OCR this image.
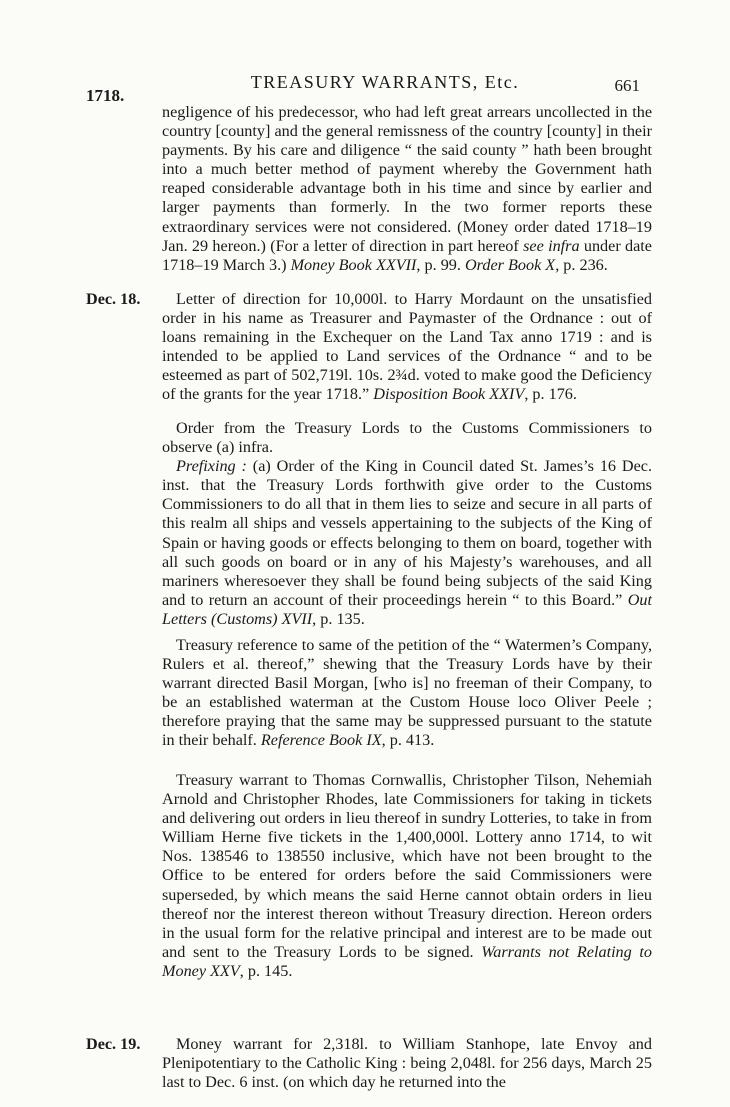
1718.
TREASURY WARRANTS, Etc.	661

negligence of his predecessor, who had left great arrears uncollected in the country [county] and the general remissness of the country [county] in their payments. By his care and diligence “ the said county ” hath been brought into a much better method of payment whereby the Government hath reaped considerable advantage both in his time and since by earlier and larger payments than formerly. In the two former reports these extraordinary services were not considered. (Money order dated 1718–19 Jan. 29 hereon.) (For a letter of direction in part hereof see infra under date 1718–19 March 3.) Money Book XXVII, p. 99. Order Book X, p. 236.

Dec. 18.	Letter of direction for 10,000l. to Harry Mordaunt on the unsatisfied order in his name as Treasurer and Paymaster of the Ordnance : out of loans remaining in the Exchequer on the Land Tax anno 1719 : and is intended to be applied to Land services of the Ordnance “ and to be esteemed as part of 502,719l. 10s. 2¾d. voted to make good the Deficiency of the grants for the year 1718.” Disposition Book XXIV, p. 176.

Order from the Treasury Lords to the Customs Commissioners to observe (a) infra.

Prefixing : (a) Order of the King in Council dated St. James’s 16 Dec. inst. that the Treasury Lords forthwith give order to the Customs Commissioners to do all that in them lies to seize and secure in all parts of this realm all ships and vessels appertaining to the subjects of the King of Spain or having goods or effects belonging to them on board, together with all such goods on board or in any of his Majesty’s warehouses, and all mariners wheresoever they shall be found being subjects of the said King and to return an account of their proceedings herein “ to this Board.” Out Letters (Customs) XVII, p. 135.

Treasury reference to same of the petition of the “ Watermen’s Company, Rulers et al. thereof,” shewing that the Treasury Lords have by their warrant directed Basil Morgan, [who is] no freeman of their Company, to be an established waterman at the Custom House loco Oliver Peele ; therefore praying that the same may be suppressed pursuant to the statute in their behalf. Reference Book IX, p. 413.

Treasury warrant to Thomas Cornwallis, Christopher Tilson, Nehemiah Arnold and Christopher Rhodes, late Commissioners for taking in tickets and delivering out orders in lieu thereof in sundry Lotteries, to take in from William Herne five tickets in the 1,400,000l. Lottery anno 1714, to wit Nos. 138546 to 138550 inclusive, which have not been brought to the Office to be entered for orders before the said Commissioners were superseded, by which means the said Herne cannot obtain orders in lieu thereof nor the interest thereon without Treasury direction. Hereon orders in the usual form for the relative principal and interest are to be made out and sent to the Treasury Lords to be signed. Warrants not Relating to Money XXV, p. 145.

Dec. 19.	Money warrant for 2,318l. to William Stanhope, late Envoy and Plenipotentiary to the Catholic King : being 2,048l. for 256 days, March 25 last to Dec. 6 inst. (on which day he returned into the
